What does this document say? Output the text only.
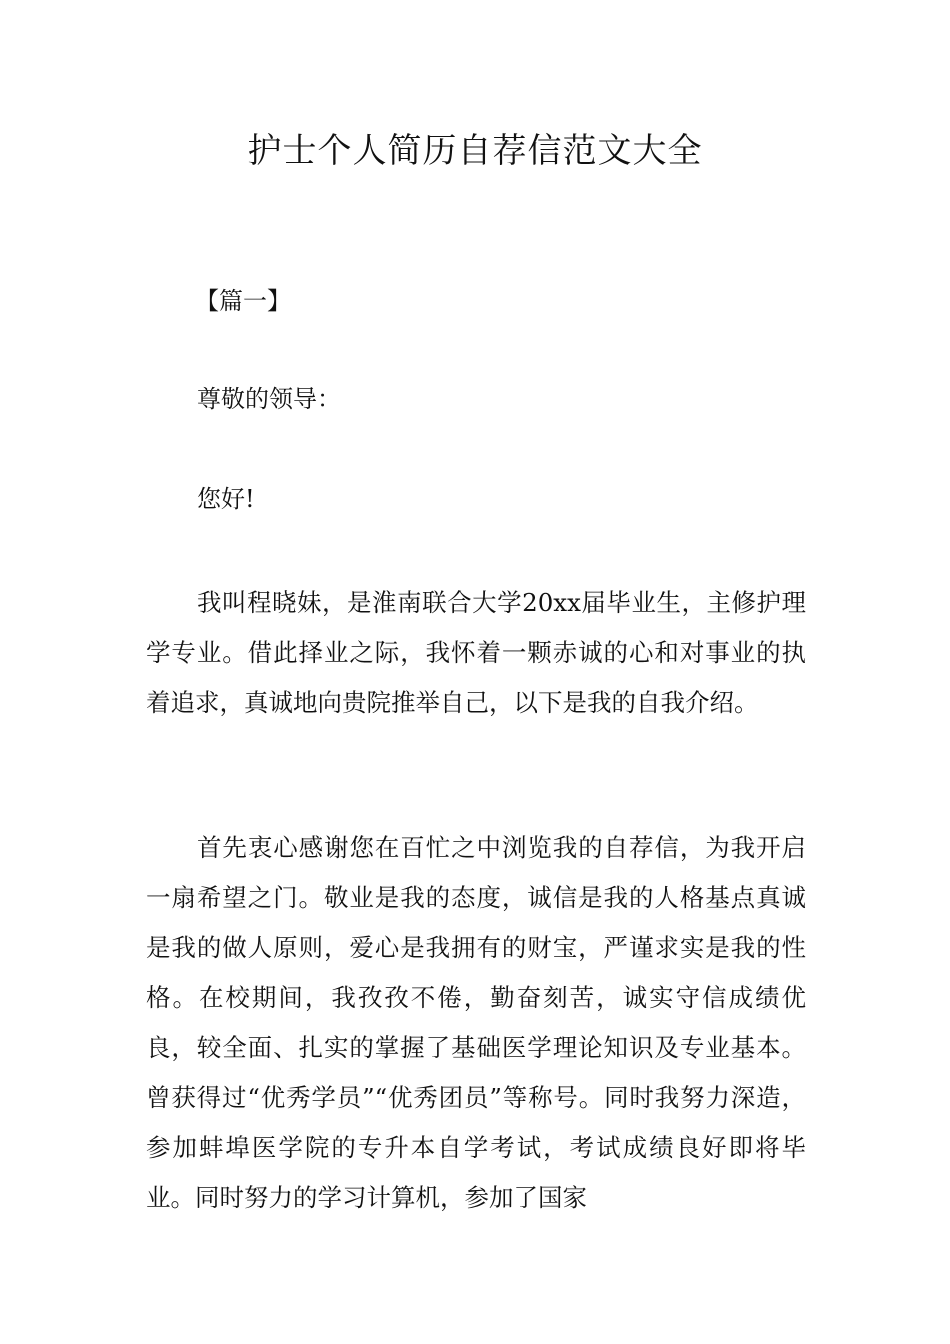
护士个人简历自荐信范文大全

【篇一】

尊敬的领导：

您好!

我叫程晓妹，是淮南联合大学20xx届毕业生，主修护理学专业。借此择业之际，我怀着一颗赤诚的心和对事业的执着追求，真诚地向贵院推举自己，以下是我的自我介绍。

首先衷心感谢您在百忙之中浏览我的自荐信，为我开启一扇希望之门。敬业是我的态度，诚信是我的人格基点真诚是我的做人原则，爱心是我拥有的财宝，严谨求实是我的性格。在校期间，我孜孜不倦，勤奋刻苦，诚实守信成绩优良，较全面、扎实的掌握了基础医学理论知识及专业基本。曾获得过“优秀学员”“优秀团员”等称号。同时我努力深造，参加蚌埠医学院的专升本自学考试，考试成绩良好即将毕业。同时努力的学习计算机，参加了国家
